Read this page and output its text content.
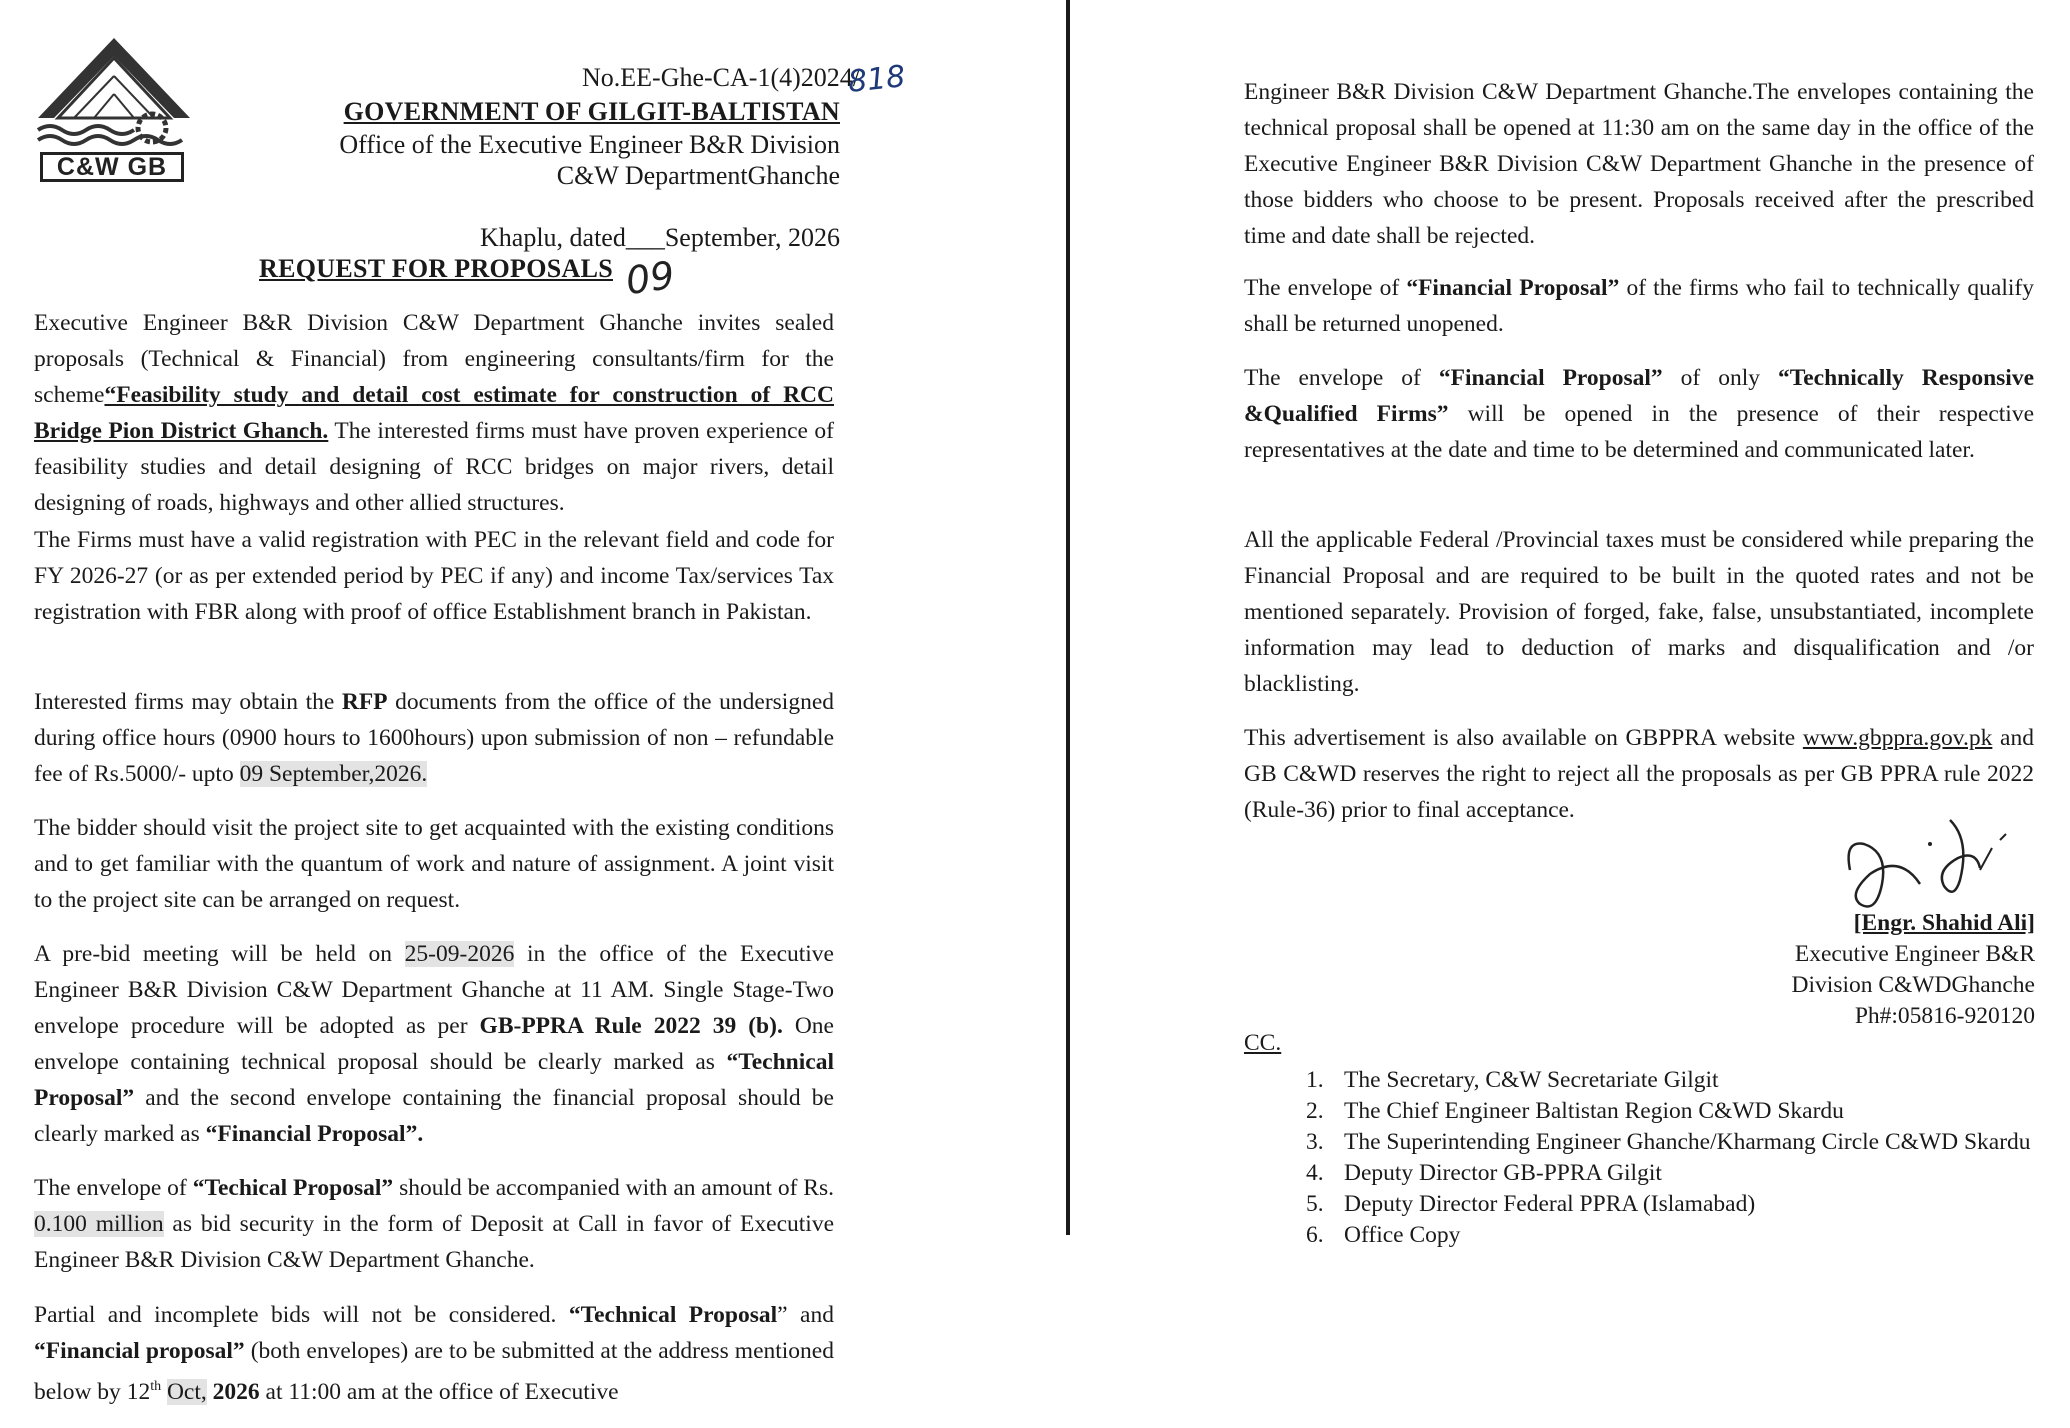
C&W GB
No.EE-Ghe-CA-1(4)2024/
818
GOVERNMENT OF GILGIT-BALTISTAN
Office of the Executive Engineer B&R Division
C&W DepartmentGhanche
Khaplu, dated___September, 2026
REQUEST FOR PROPOSALS 09
Executive Engineer B&R Division C&W Department Ghanche invites sealed proposals (Technical & Financial) from engineering consultants/firm for the scheme“Feasibility study and detail cost estimate for construction of RCC Bridge Pion District Ghanch. The interested firms must have proven experience of feasibility studies and detail designing of RCC bridges on major rivers, detail designing of roads, highways and other allied structures.
The Firms must have a valid registration with PEC in the relevant field and code for FY 2026-27 (or as per extended period by PEC if any) and income Tax/services Tax registration with FBR along with proof of office Establishment branch in Pakistan.
Interested firms may obtain the RFP documents from the office of the undersigned during office hours (0900 hours to 1600hours) upon submission of non – refundable fee of Rs.5000/- upto 09 September,2026.
The bidder should visit the project site to get acquainted with the existing conditions and to get familiar with the quantum of work and nature of assignment. A joint visit to the project site can be arranged on request.
A pre-bid meeting will be held on 25-09-2026 in the office of the Executive Engineer B&R Division C&W Department Ghanche at 11 AM. Single Stage-Two envelope procedure will be adopted as per GB-PPRA Rule 2022 39 (b). One envelope containing technical proposal should be clearly marked as “Technical Proposal” and the second envelope containing the financial proposal should be clearly marked as “Financial Proposal”.
The envelope of “Techical Proposal” should be accompanied with an amount of Rs. 0.100 million as bid security in the form of Deposit at Call in favor of Executive Engineer B&R Division C&W Department Ghanche.
Partial and incomplete bids will not be considered. “Technical Proposal” and “Financial proposal” (both envelopes) are to be submitted at the address mentioned below by 12th Oct, 2026 at 11:00 am at the office of Executive
Engineer B&R Division C&W Department Ghanche.The envelopes containing the technical proposal shall be opened at 11:30 am on the same day in the office of the Executive Engineer B&R Division C&W Department Ghanche in the presence of those bidders who choose to be present. Proposals received after the prescribed time and date shall be rejected.
The envelope of “Financial Proposal” of the firms who fail to technically qualify shall be returned unopened.
The envelope of “Financial Proposal” of only “Technically Responsive &Qualified Firms” will be opened in the presence of their respective representatives at the date and time to be determined and communicated later.
All the applicable Federal /Provincial taxes must be considered while preparing the Financial Proposal and are required to be built in the quoted rates and not be mentioned separately. Provision of forged, fake, false, unsubstantiated, incomplete information may lead to deduction of marks and disqualification and /or blacklisting.
This advertisement is also available on GBPPRA website www.gbppra.gov.pk and GB C&WD reserves the right to reject all the proposals as per GB PPRA rule 2022 (Rule-36) prior to final acceptance.
[Engr. Shahid Ali]
Executive Engineer B&R
Division C&WDGhanche
Ph#:05816-920120
CC.
1. The Secretary, C&W Secretariate Gilgit
2. The Chief Engineer Baltistan Region C&WD Skardu
3. The Superintending Engineer Ghanche/Kharmang Circle C&WD Skardu
4. Deputy Director GB-PPRA Gilgit
5. Deputy Director Federal PPRA (Islamabad)
6. Office Copy
